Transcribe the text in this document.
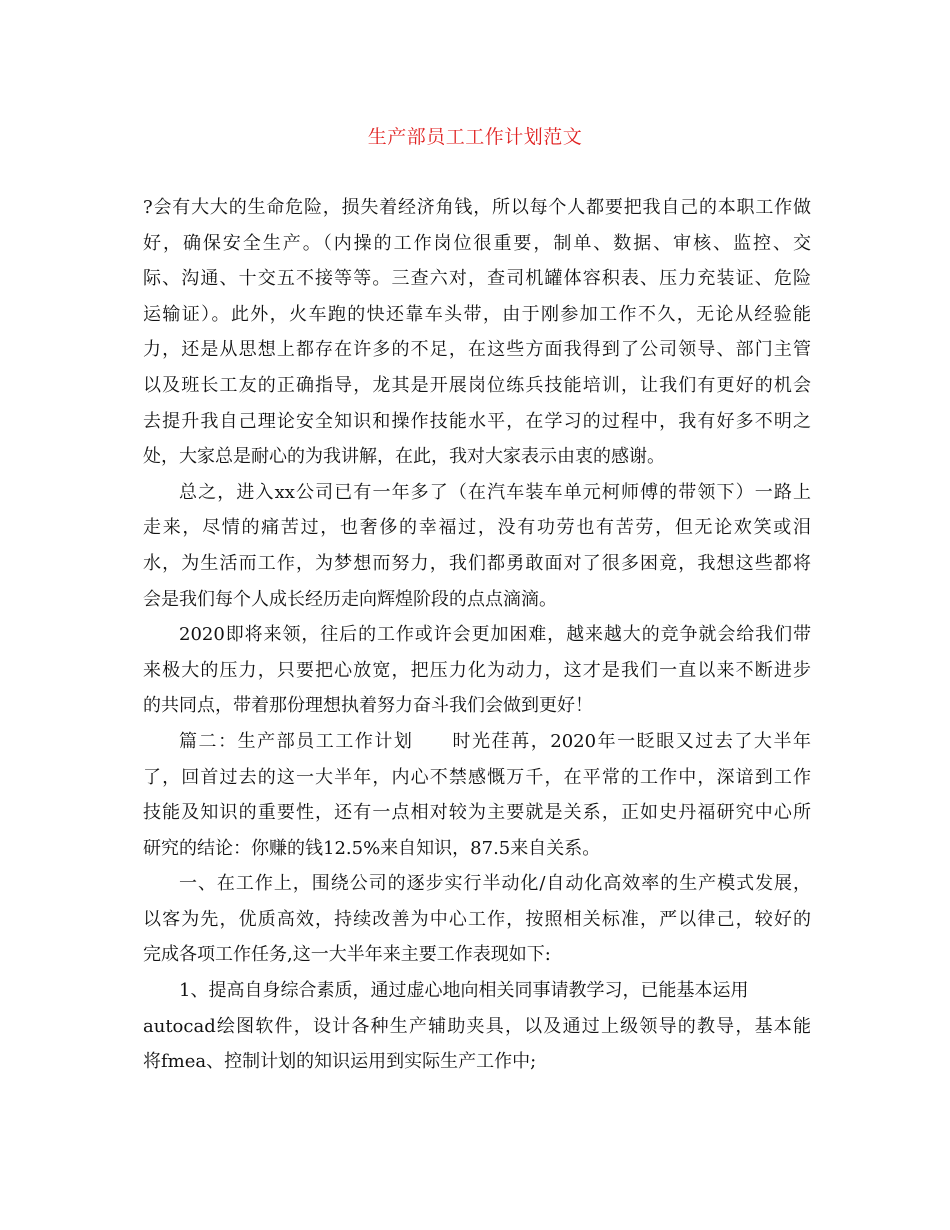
生产部员工工作计划范文
?会有大大的生命危险，损失着经济角钱，所以每个人都要把我自己的本职工作做
好，确保安全生产。（内操的工作岗位很重要，制单、数据、审核、监控、交
际、沟通、十交五不接等等。三查六对，查司机罐体容积表、压力充装证、危险
运输证）。此外，火车跑的快还靠车头带，由于刚参加工作不久，无论从经验能
力，还是从思想上都存在许多的不足，在这些方面我得到了公司领导、部门主管
以及班长工友的正确指导，龙其是开展岗位练兵技能培训，让我们有更好的机会
去提升我自己理论安全知识和操作技能水平，在学习的过程中，我有好多不明之
处，大家总是耐心的为我讲解，在此，我对大家表示由衷的感谢。
总之，进入xx公司已有一年多了（在汽车装车单元柯师傅的带领下）一路上
走来，尽情的痛苦过，也奢侈的幸福过，没有功劳也有苦劳，但无论欢笑或泪
水，为生活而工作，为梦想而努力，我们都勇敢面对了很多困竟，我想这些都将
会是我们每个人成长经历走向辉煌阶段的点点滴滴。
2020即将来领，往后的工作或许会更加困难，越来越大的竞争就会给我们带
来极大的压力，只要把心放宽，把压力化为动力，这才是我们一直以来不断进步
的共同点，带着那份理想执着努力奋斗我们会做到更好！
篇二：生产部员工工作计划　　时光荏苒，2020年一眨眼又过去了大半年
了，回首过去的这一大半年，内心不禁感慨万千，在平常的工作中，深谙到工作
技能及知识的重要性，还有一点相对较为主要就是关系，正如史丹福研究中心所
研究的结论：你赚的钱12.5%来自知识，87.5来自关系。
一、在工作上，围绕公司的逐步实行半动化/自动化高效率的生产模式发展，
以客为先，优质高效，持续改善为中心工作，按照相关标准，严以律己，较好的
完成各项工作任务,这一大半年来主要工作表现如下:
1、提高自身综合素质，通过虚心地向相关同事请教学习，已能基本运用
autocad绘图软件，设计各种生产辅助夹具，以及通过上级领导的教导，基本能
将fmea、控制计划的知识运用到实际生产工作中;
